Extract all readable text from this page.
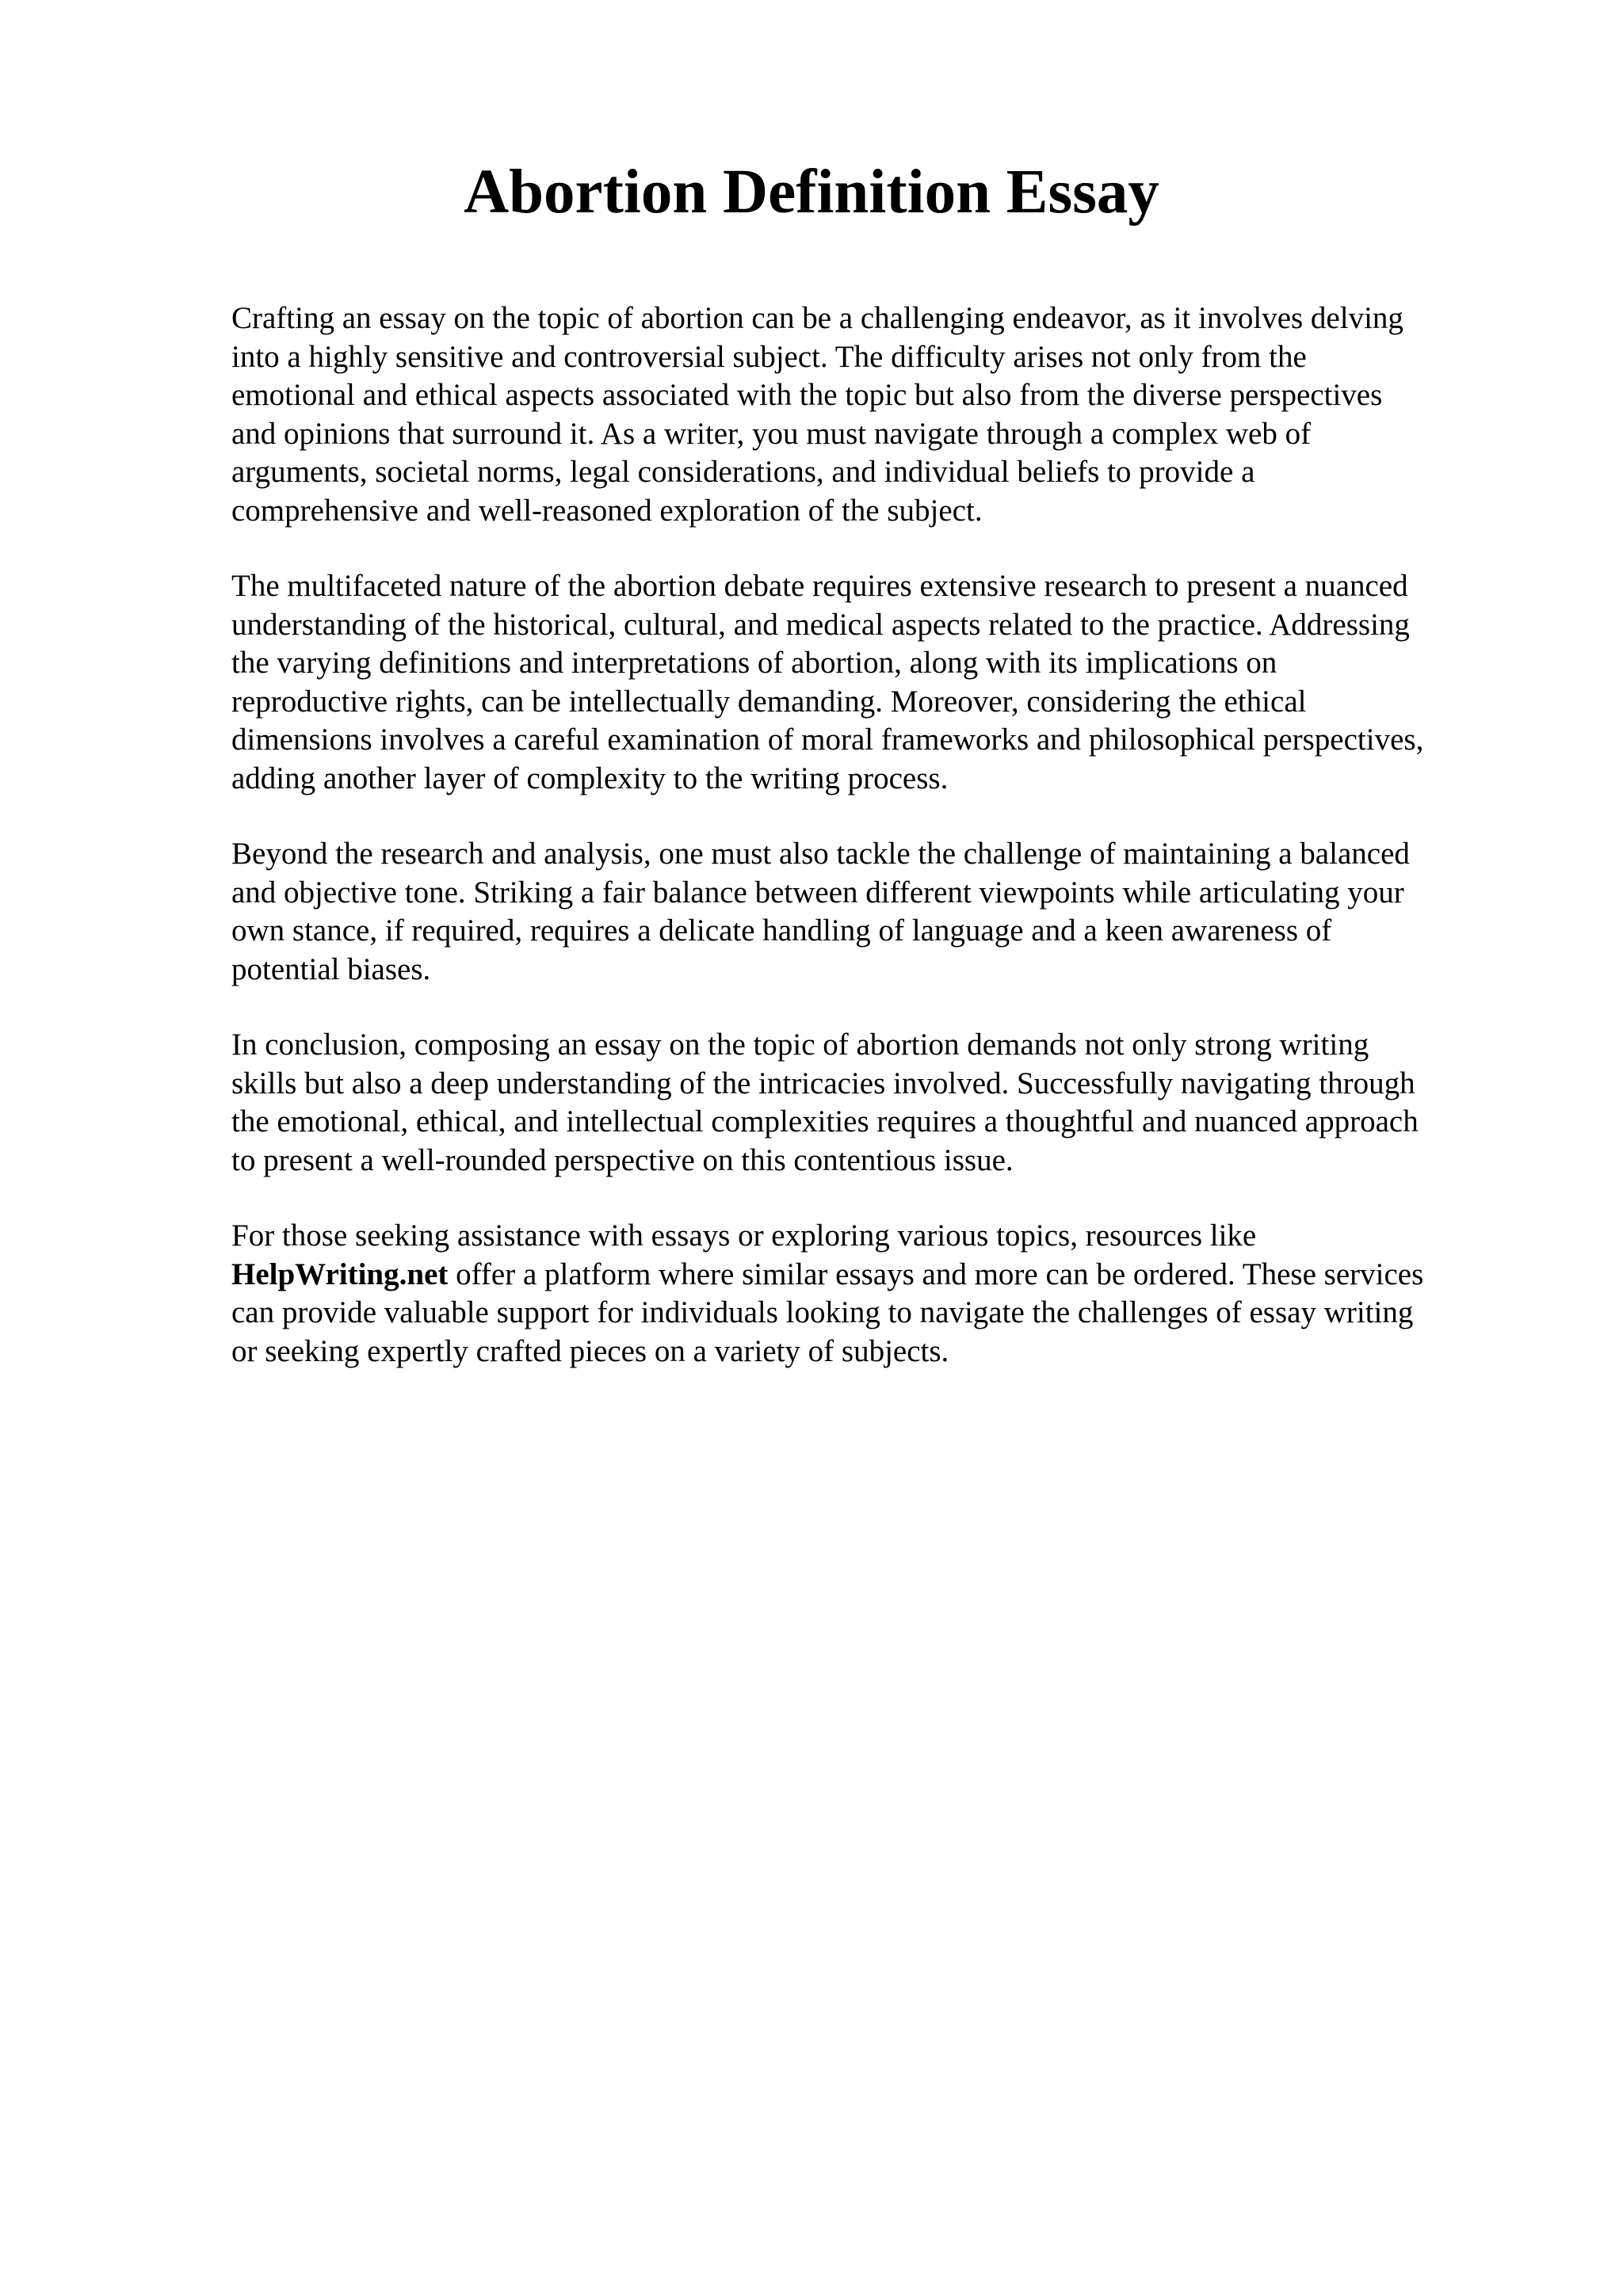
Abortion Definition Essay

Crafting an essay on the topic of abortion can be a challenging endeavor, as it involves delving
into a highly sensitive and controversial subject. The difficulty arises not only from the
emotional and ethical aspects associated with the topic but also from the diverse perspectives
and opinions that surround it. As a writer, you must navigate through a complex web of
arguments, societal norms, legal considerations, and individual beliefs to provide a
comprehensive and well-reasoned exploration of the subject.

The multifaceted nature of the abortion debate requires extensive research to present a nuanced
understanding of the historical, cultural, and medical aspects related to the practice. Addressing
the varying definitions and interpretations of abortion, along with its implications on
reproductive rights, can be intellectually demanding. Moreover, considering the ethical
dimensions involves a careful examination of moral frameworks and philosophical perspectives,
adding another layer of complexity to the writing process.

Beyond the research and analysis, one must also tackle the challenge of maintaining a balanced
and objective tone. Striking a fair balance between different viewpoints while articulating your
own stance, if required, requires a delicate handling of language and a keen awareness of
potential biases.

In conclusion, composing an essay on the topic of abortion demands not only strong writing
skills but also a deep understanding of the intricacies involved. Successfully navigating through
the emotional, ethical, and intellectual complexities requires a thoughtful and nuanced approach
to present a well-rounded perspective on this contentious issue.

For those seeking assistance with essays or exploring various topics, resources like
HelpWriting.net offer a platform where similar essays and more can be ordered. These services
can provide valuable support for individuals looking to navigate the challenges of essay writing
or seeking expertly crafted pieces on a variety of subjects.
